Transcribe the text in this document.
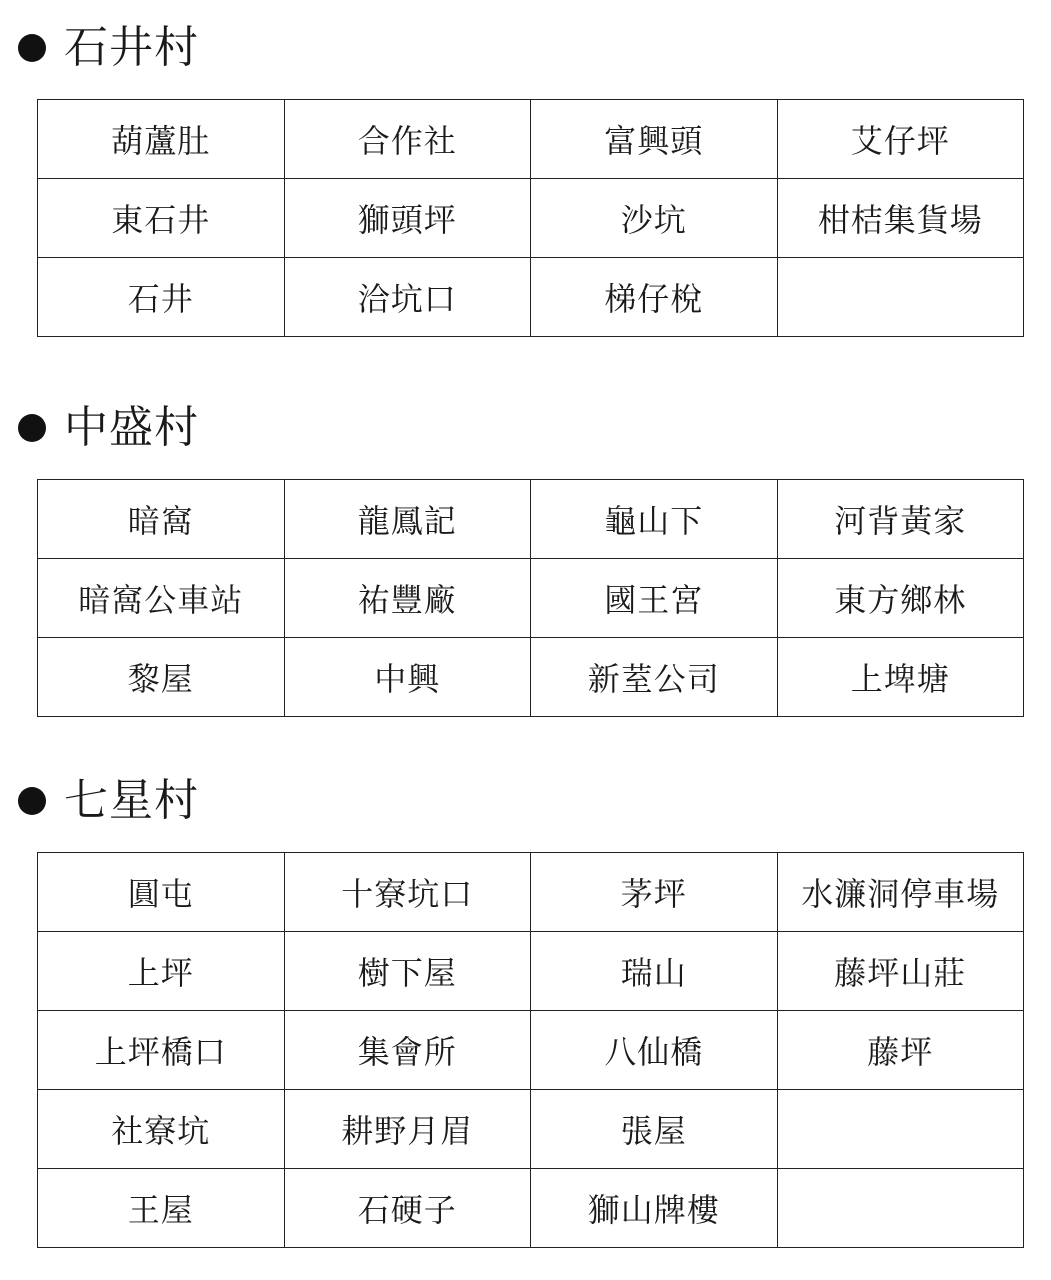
石井村
葫蘆肚	合作社	富興頭	艾仔坪
東石井	獅頭坪	沙坑	柑桔集貨場
石井	洽坑口	梯仔梲	
中盛村
暗窩	龍鳳記	龜山下	河背黃家
暗窩公車站	祐豐廠	國王宮	東方鄉林
黎屋	中興	新荎公司	上埤塘
七星村
圓屯	十寮坑口	茅坪	水濂洞停車場
上坪	樹下屋	瑞山	藤坪山莊
上坪橋口	集會所	八仙橋	藤坪
社寮坑	耕野月眉	張屋	
王屋	石硬子	獅山牌樓	
